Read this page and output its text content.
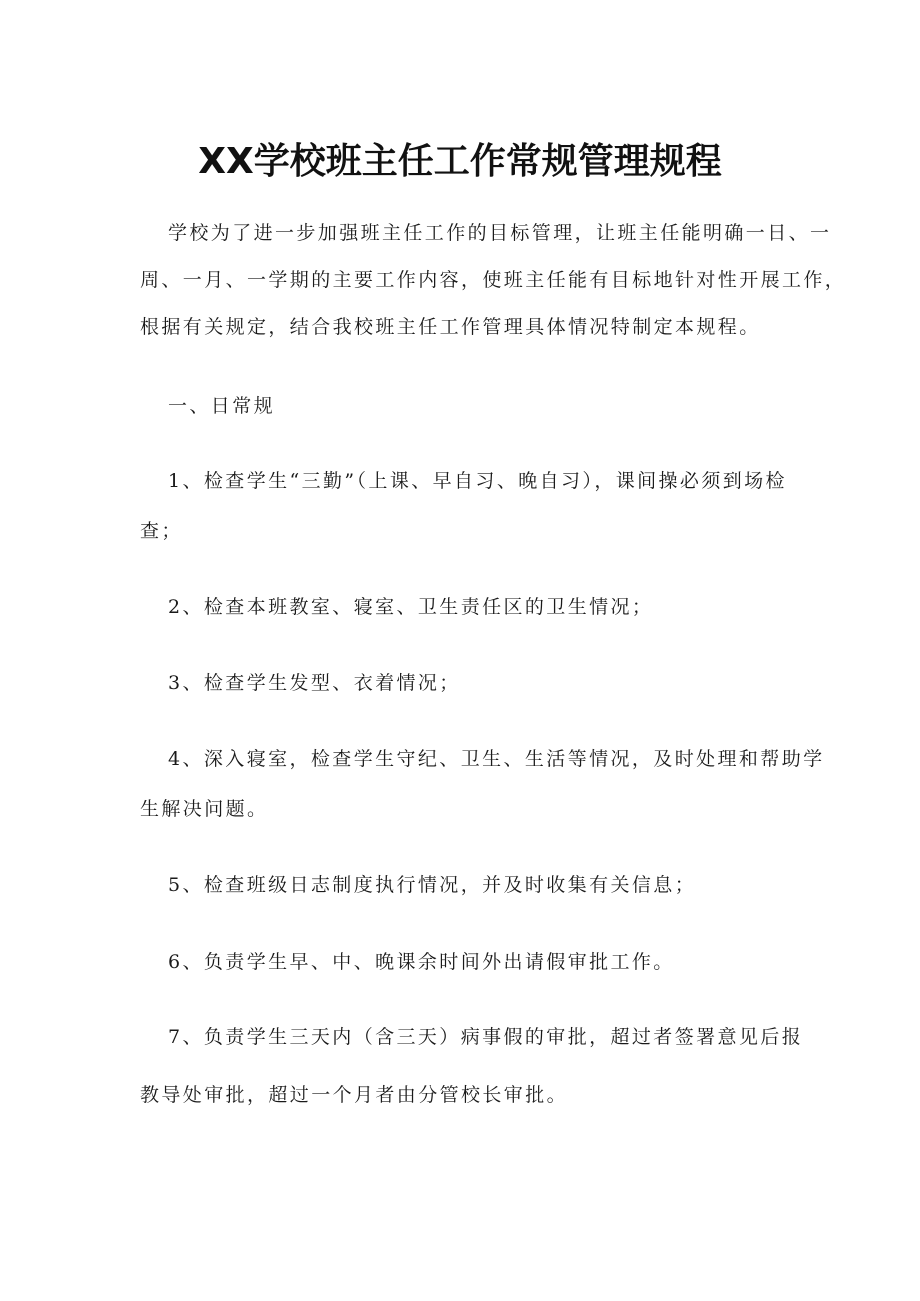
XX学校班主任工作常规管理规程
学校为了进一步加强班主任工作的目标管理，让班主任能明确一日、一
周、一月、一学期的主要工作内容，使班主任能有目标地针对性开展工作，
根据有关规定，结合我校班主任工作管理具体情况特制定本规程。
一、日常规
1、检查学生“三勤”（上课、早自习、晚自习），课间操必须到场检
查；
2、检查本班教室、寝室、卫生责任区的卫生情况；
3、检查学生发型、衣着情况；
4、深入寝室，检查学生守纪、卫生、生活等情况，及时处理和帮助学
生解决问题。
5、检查班级日志制度执行情况，并及时收集有关信息；
6、负责学生早、中、晚课余时间外出请假审批工作。
7、负责学生三天内（含三天）病事假的审批，超过者签署意见后报
教导处审批，超过一个月者由分管校长审批。
